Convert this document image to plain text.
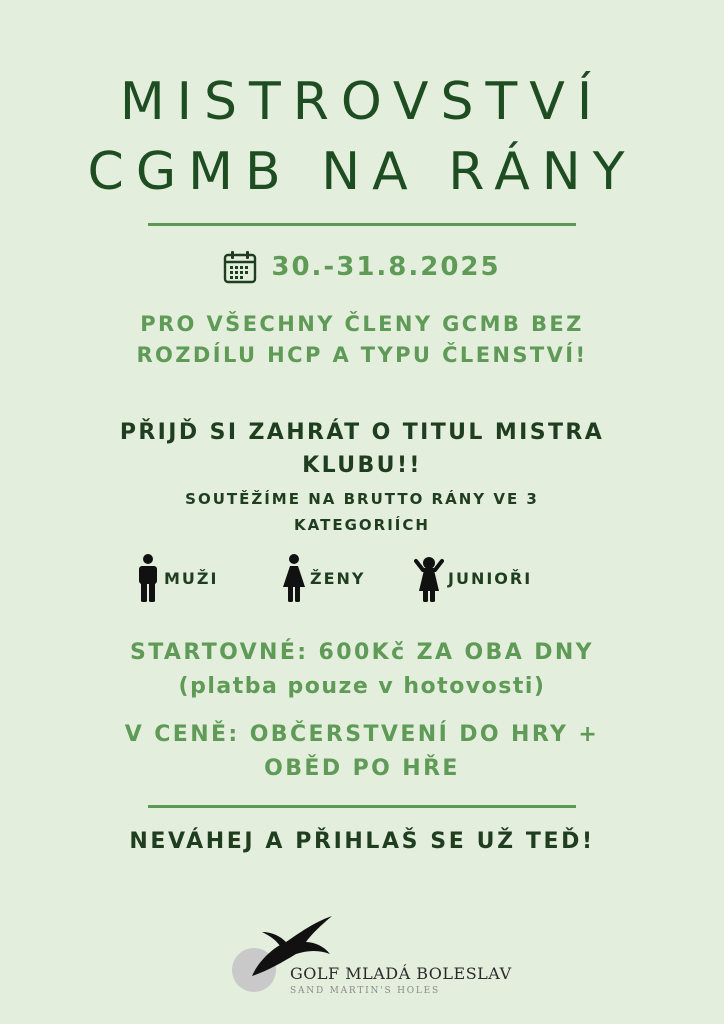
MISTROVSTVÍ
CGMB NA RÁNY
30.-31.8.2025
PRO VŠECHNY ČLENY GCMB BEZ
ROZDÍLU HCP A TYPU ČLENSTVÍ!
PŘIJĎ SI ZAHRÁT O TITUL MISTRA
KLUBU!!
SOUTĚŽÍME NA BRUTTO RÁNY VE 3
KATEGORIÍCH
MUŽI	ŽENY	JUNIOŘI
STARTOVNÉ: 600Kč ZA OBA DNY
(platba pouze v hotovosti)
V CENĚ: OBČERSTVENÍ DO HRY +
OBĚD PO HŘE
NEVÁHEJ A PŘIHLAŠ SE UŽ TEĎ!
GOLF MLADÁ BOLESLAV
SAND MARTIN'S HOLES
